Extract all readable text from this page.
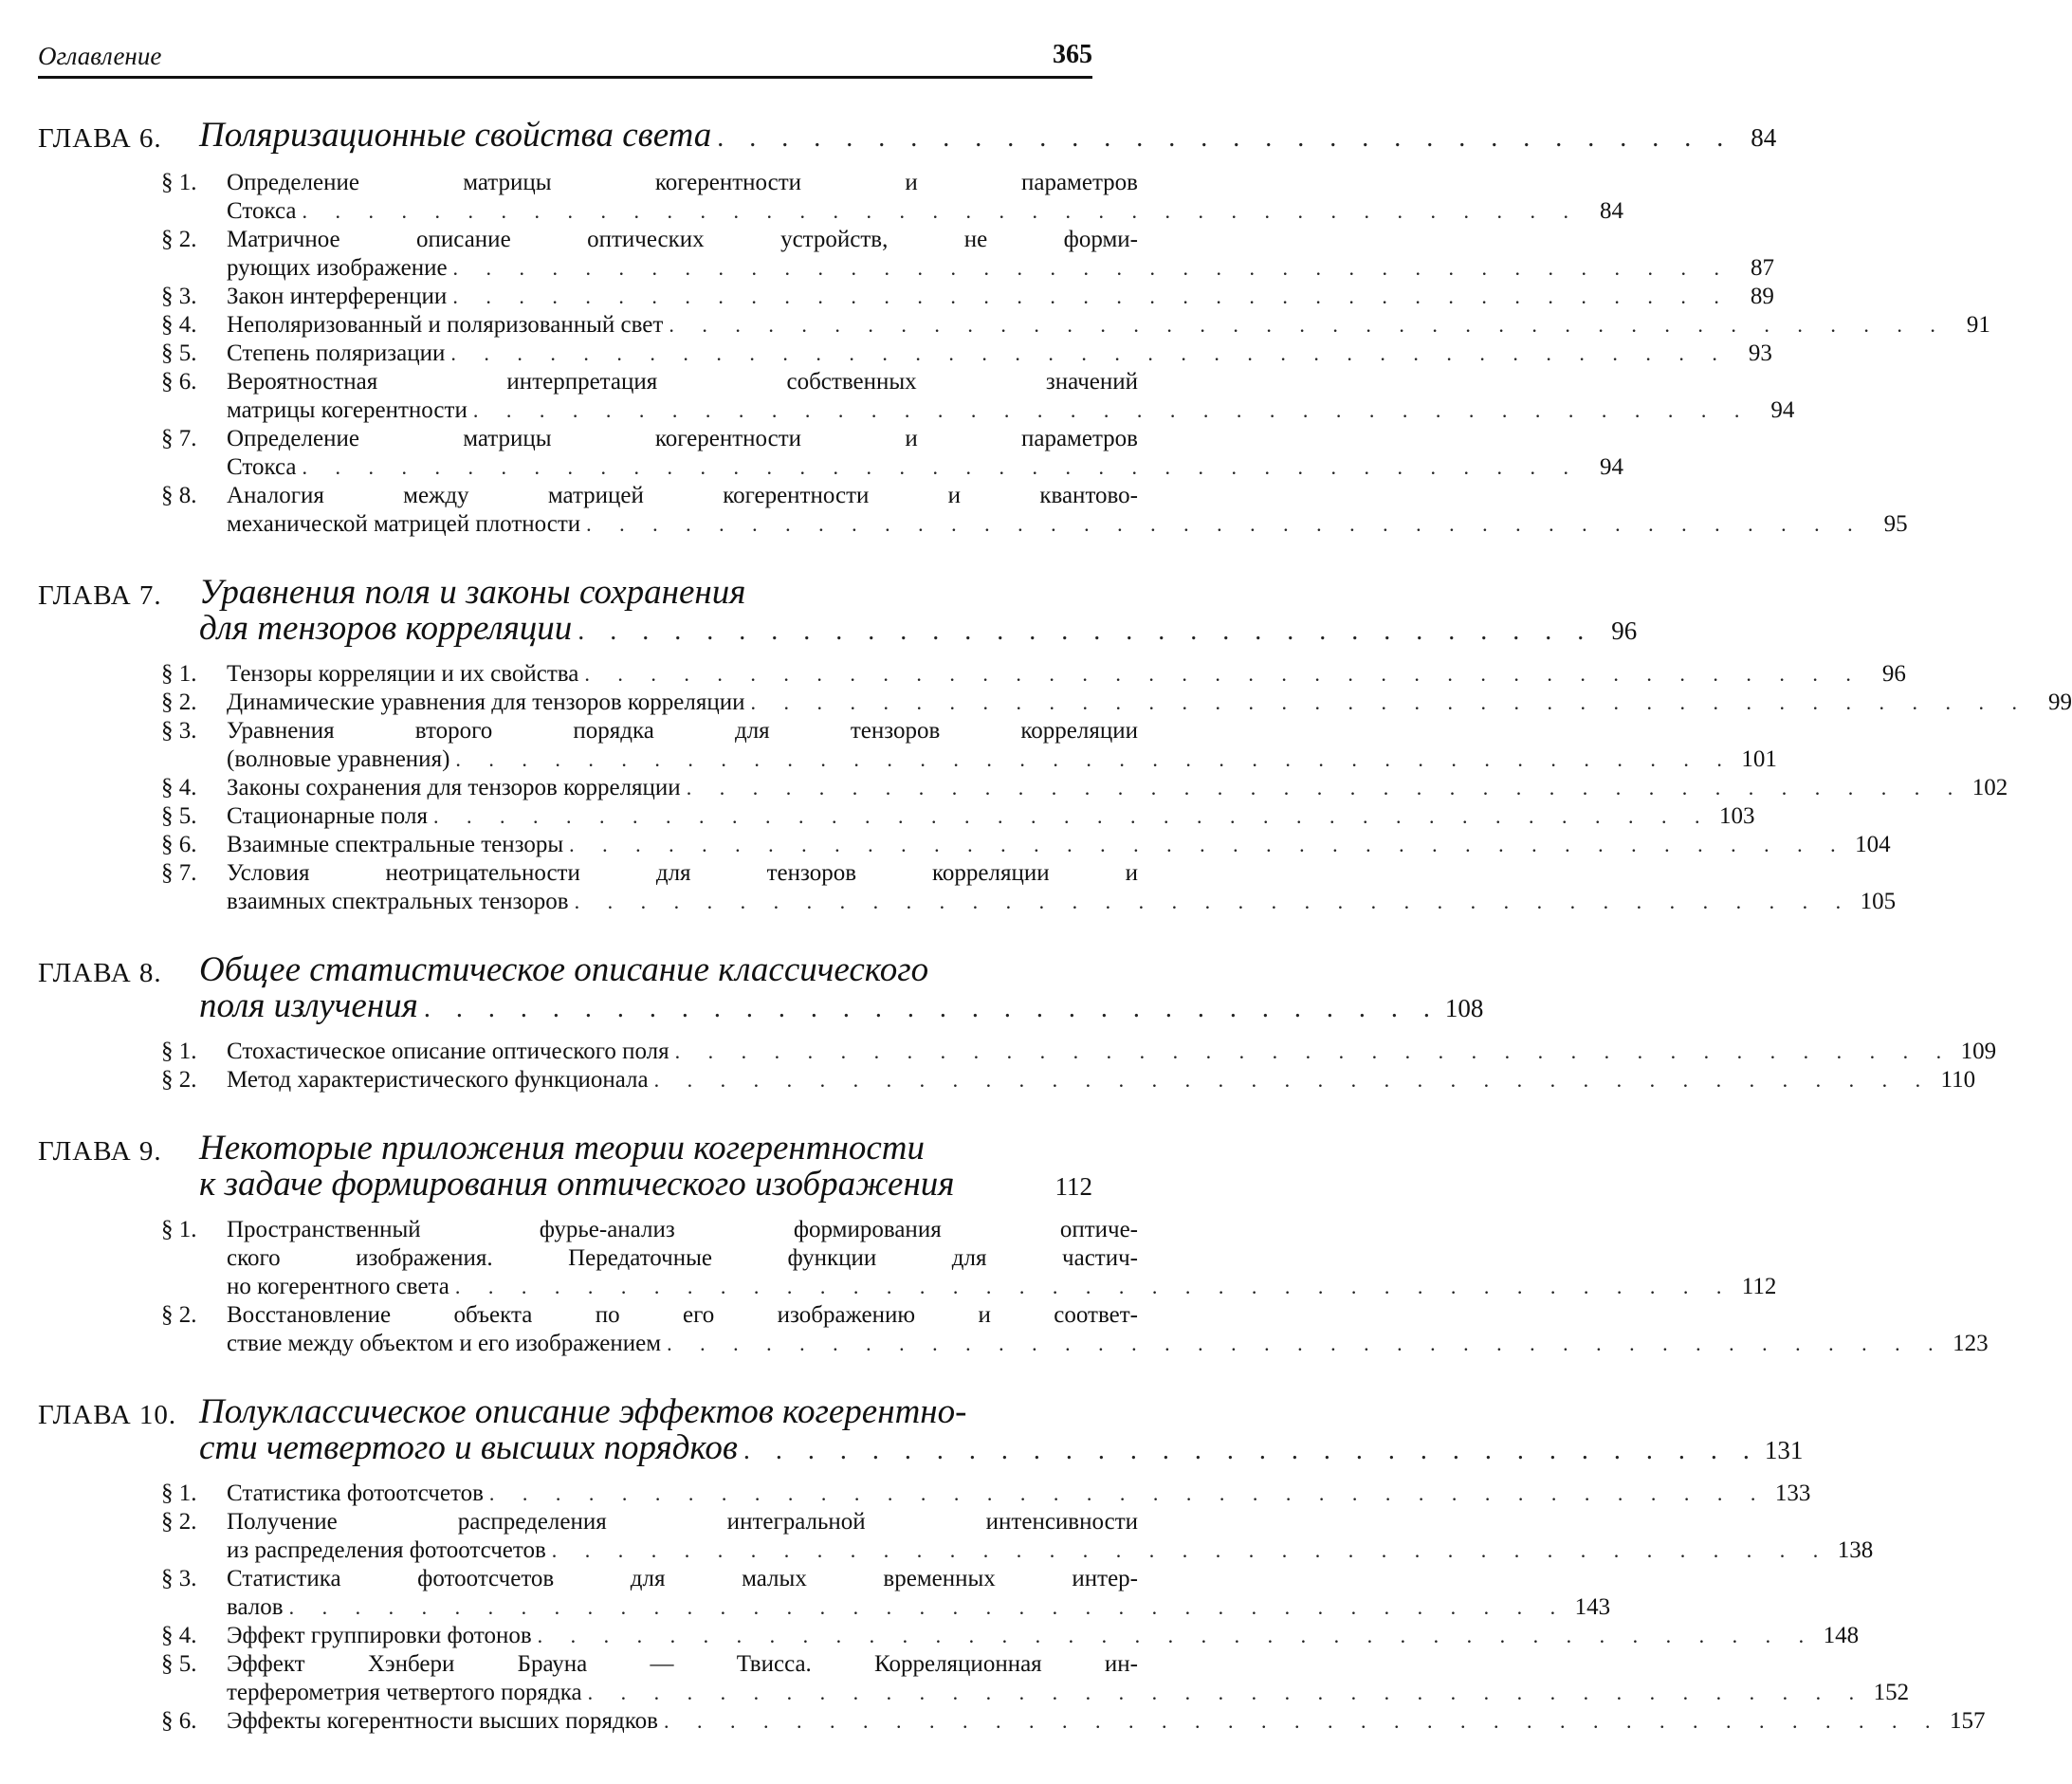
Оглавление	365
ГЛАВА 6. Поляризационные свойства света . . . . . . . . . . . . . . . . . . . . . . . . . . . . . . . . 84
§ 1. Определение матрицы когерентности и параметров
Стокса . . . . . . . . . . . . . . . . . . . . . . . . . . . . . . . . . . . . . . . 84
§ 2. Матричное описание оптических устройств, не форми-
рующих изображение . . . . . . . . . . . . . . . . . . . . . . . . . . . . . . . . . . . . . . . 87
§ 3. Закон интерференции . . . . . . . . . . . . . . . . . . . . . . . . . . . . . . . . . . . . . . . 89
§ 4. Неполяризованный и поляризованный свет . . . . . . . . . . . . . . . . . . . . . . . . . . . . . . . . . . . . . . . 91
§ 5. Степень поляризации . . . . . . . . . . . . . . . . . . . . . . . . . . . . . . . . . . . . . . . 93
§ 6. Вероятностная интерпретация собственных значений
матрицы когерентности . . . . . . . . . . . . . . . . . . . . . . . . . . . . . . . . . . . . . . . 94
§ 7. Определение матрицы когерентности и параметров
Стокса . . . . . . . . . . . . . . . . . . . . . . . . . . . . . . . . . . . . . . . 94
§ 8. Аналогия между матрицей когерентности и квантово-
механической матрицей плотности . . . . . . . . . . . . . . . . . . . . . . . . . . . . . . . . . . . . . . . 95
ГЛАВА 7. Уравнения поля и законы сохранения
для тензоров корреляции . . . . . . . . . . . . . . . . . . . . . . . . . . . . . . . . 96
§ 1. Тензоры корреляции и их свойства . . . . . . . . . . . . . . . . . . . . . . . . . . . . . . . . . . . . . . . 96
§ 2. Динамические уравнения для тензоров корреляции . . . . . . . . . . . . . . . . . . . . . . . . . . . . . . . . . . . . . . . 99
§ 3. Уравнения второго порядка для тензоров корреляции
(волновые уравнения) . . . . . . . . . . . . . . . . . . . . . . . . . . . . . . . . . . . . . . . 101
§ 4. Законы сохранения для тензоров корреляции . . . . . . . . . . . . . . . . . . . . . . . . . . . . . . . . . . . . . . . 102
§ 5. Стационарные поля . . . . . . . . . . . . . . . . . . . . . . . . . . . . . . . . . . . . . . . 103
§ 6. Взаимные спектральные тензоры . . . . . . . . . . . . . . . . . . . . . . . . . . . . . . . . . . . . . . . 104
§ 7. Условия неотрицательности для тензоров корреляции и
взаимных спектральных тензоров . . . . . . . . . . . . . . . . . . . . . . . . . . . . . . . . . . . . . . . 105
ГЛАВА 8. Общее статистическое описание классического
поля излучения . . . . . . . . . . . . . . . . . . . . . . . . . . . . . . . . 108
§ 1. Стохастическое описание оптического поля . . . . . . . . . . . . . . . . . . . . . . . . . . . . . . . . . . . . . . . 109
§ 2. Метод характеристического функционала . . . . . . . . . . . . . . . . . . . . . . . . . . . . . . . . . . . . . . . 110
ГЛАВА 9. Некоторые приложения теории когерентности
к задаче формирования оптического изображения	112
§ 1. Пространственный фурье-анализ формирования оптиче-
ского изображения. Передаточные функции для частич-
но когерентного света . . . . . . . . . . . . . . . . . . . . . . . . . . . . . . . . . . . . . . . 112
§ 2. Восстановление объекта по его изображению и соответ-
ствие между объектом и его изображением . . . . . . . . . . . . . . . . . . . . . . . . . . . . . . . . . . . . . . . 123
ГЛАВА 10. Полуклассическое описание эффектов когерентно-
сти четвертого и высших порядков . . . . . . . . . . . . . . . . . . . . . . . . . . . . . . . . 131
§ 1. Статистика фотоотсчетов . . . . . . . . . . . . . . . . . . . . . . . . . . . . . . . . . . . . . . . 133
§ 2. Получение распределения интегральной интенсивности
из распределения фотоотсчетов . . . . . . . . . . . . . . . . . . . . . . . . . . . . . . . . . . . . . . . 138
§ 3. Статистика фотоотсчетов для малых временных интер-
валов . . . . . . . . . . . . . . . . . . . . . . . . . . . . . . . . . . . . . . . 143
§ 4. Эффект группировки фотонов . . . . . . . . . . . . . . . . . . . . . . . . . . . . . . . . . . . . . . . 148
§ 5. Эффект Хэнбери Брауна — Твисса. Корреляционная ин-
терферометрия четвертого порядка . . . . . . . . . . . . . . . . . . . . . . . . . . . . . . . . . . . . . . . 152
§ 6. Эффекты когерентности высших порядков . . . . . . . . . . . . . . . . . . . . . . . . . . . . . . . . . . . . . . . 157
